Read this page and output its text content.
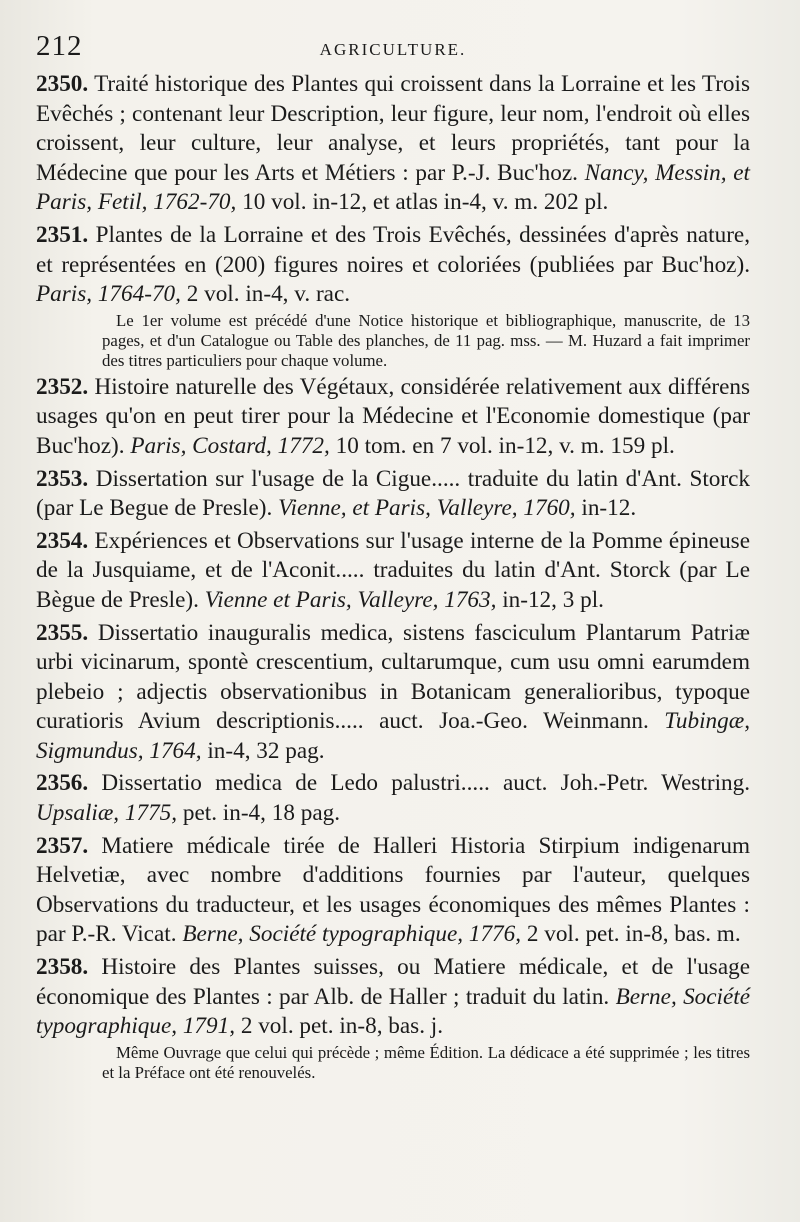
212	AGRICULTURE.

2350. Traité historique des Plantes qui croissent dans la Lorraine et les Trois Evêchés ; contenant leur Description, leur figure, leur nom, l'endroit où elles croissent, leur culture, leur analyse, et leurs propriétés, tant pour la Médecine que pour les Arts et Métiers : par P.-J. Buc'hoz. Nancy, Messin, et Paris, Fetil, 1762-70, 10 vol. in-12, et atlas in-4, v. m. 202 pl.

2351. Plantes de la Lorraine et des Trois Evêchés, dessinées d'après nature, et représentées en (200) figures noires et coloriées (publiées par Buc'hoz). Paris, 1764-70, 2 vol. in-4, v. rac.

Le 1er volume est précédé d'une Notice historique et bibliographique, manuscrite, de 13 pages, et d'un Catalogue ou Table des planches, de 11 pag. mss. — M. Huzard a fait imprimer des titres particuliers pour chaque volume.

2352. Histoire naturelle des Végétaux, considérée relativement aux différens usages qu'on en peut tirer pour la Médecine et l'Economie domestique (par Buc'hoz). Paris, Costard, 1772, 10 tom. en 7 vol. in-12, v. m. 159 pl.

2353. Dissertation sur l'usage de la Cigue..... traduite du latin d'Ant. Storck (par Le Begue de Presle). Vienne, et Paris, Valleyre, 1760, in-12.

2354. Expériences et Observations sur l'usage interne de la Pomme épineuse de la Jusquiame, et de l'Aconit..... traduites du latin d'Ant. Storck (par Le Bègue de Presle). Vienne et Paris, Valleyre, 1763, in-12, 3 pl.

2355. Dissertatio inauguralis medica, sistens fasciculum Plantarum Patriæ urbi vicinarum, spontè crescentium, cultarumque, cum usu omni earumdem plebeio ; adjectis observationibus in Botanicam generalioribus, typoque curatioris Avium descriptionis..... auct. Joa.-Geo. Weinmann. Tubingæ, Sigmundus, 1764, in-4, 32 pag.

2356. Dissertatio medica de Ledo palustri..... auct. Joh.-Petr. Westring. Upsaliæ, 1775, pet. in-4, 18 pag.

2357. Matiere médicale tirée de Halleri Historia Stirpium indigenarum Helvetiæ, avec nombre d'additions fournies par l'auteur, quelques Observations du traducteur, et les usages économiques des mêmes Plantes : par P.-R. Vicat. Berne, Société typographique, 1776, 2 vol. pet. in-8, bas. m.

2358. Histoire des Plantes suisses, ou Matiere médicale, et de l'usage économique des Plantes : par Alb. de Haller ; traduit du latin. Berne, Société typographique, 1791, 2 vol. pet. in-8, bas. j.

Même Ouvrage que celui qui précède ; même Édition. La dédicace a été supprimée ; les titres et la Préface ont été renouvelés.
